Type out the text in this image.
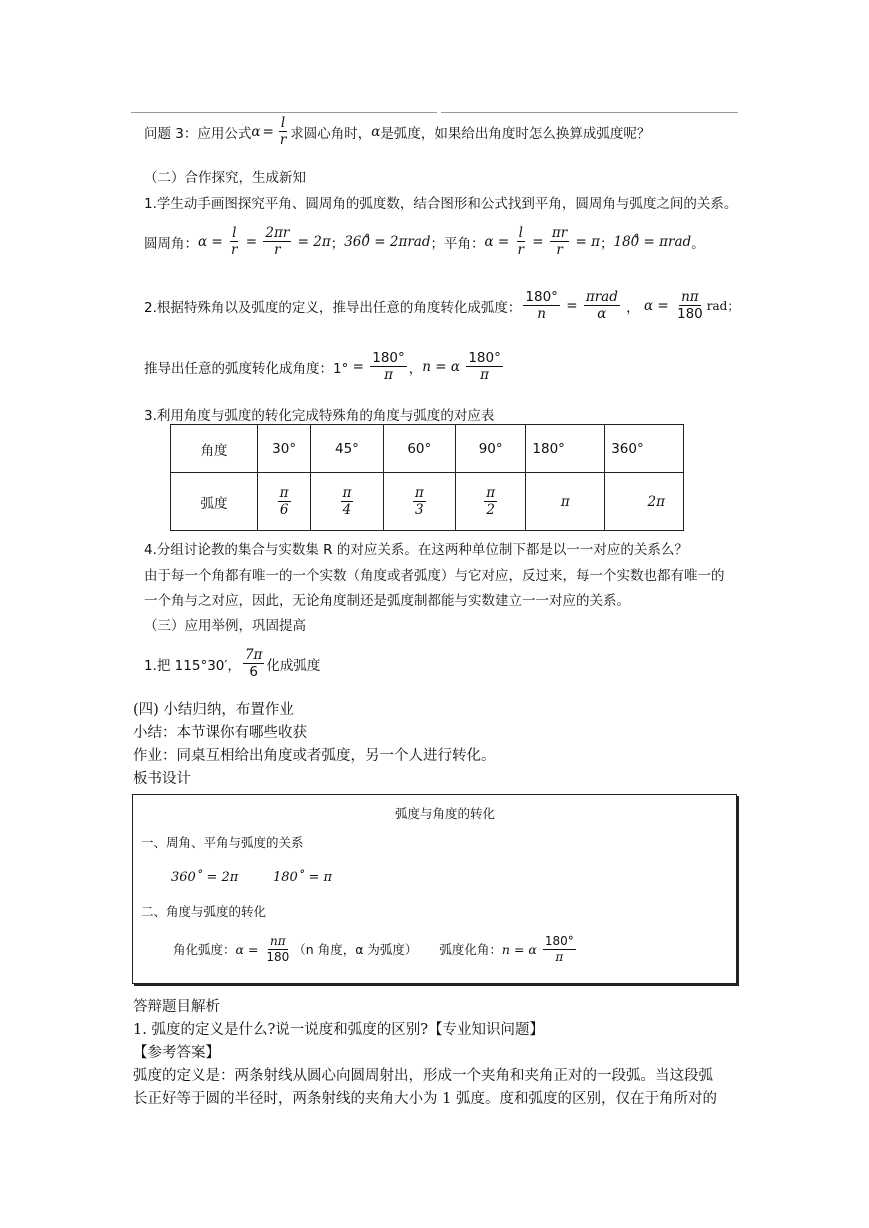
问题 3：应用公式 $\alpha = \frac{l}{r}$ 求圆心角时， α 是弧度，如果给出角度时怎么换算成弧度呢？
（二）合作探究，生成新知
1.学生动手画图探究平角、圆周角的弧度数，结合图形和公式找到平角，圆周角与弧度之间的关系。
圆周角： $\alpha = \frac{l}{r} = \frac{2\pi r}{r} = 2\pi$ ； 360̊ = 2πrad ；平角： $\alpha = \frac{l}{r} = \frac{\pi r}{r} = \pi$ ； 180̊ = πrad 。
2.根据特殊角以及弧度的定义，推导出任意的角度转化成弧度： $\frac{180^\circ}{n} = \frac{\text{πrad}}{\alpha}$ ， $\alpha = \frac{n\pi}{180}$ rad；
推导出任意的弧度转化成角度：1°
=
$\frac{180^\circ}{\pi}$ ， n = α
$\frac{180^\circ}{\pi}$
3.利用角度与弧度的转化完成特殊角的角度与弧度的对应表
角度	30°	45°	60°	90°	180°	360°
弧度	$\frac{\pi}{6}$	$\frac{\pi}{4}$	$\frac{\pi}{3}$	$\frac{\pi}{2}$	π	2π
4.分组讨论教的集合与实数集 R 的对应关系。在这两种单位制下都是以一一对应的关系么？
由于每一个角都有唯一的一个实数（角度或者弧度）与它对应，反过来，每一个实数也都有唯一的
一个角与之对应，因此，无论角度制还是弧度制都能与实数建立一一对应的关系。
（三）应用举例，巩固提高
1.把 115°30′， $\frac{7\pi}{6}$ 化成弧度
(四) 小结归纳，布置作业
小结：本节课你有哪些收获
作业：同桌互相给出角度或者弧度，另一个人进行转化。
板书设计
弧度与角度的转化
一、周角、平角与弧度的关系
360˚ = 2π	180˚ = π
二、角度与弧度的转化
角化弧度： $\alpha = \frac{n\pi}{180} (n$ 角度，α 为弧度） 弧度化角： n = α
$\frac{180^\circ}{\pi}$
答辩题目解析
1. 弧度的定义是什么?说一说度和弧度的区别?【专业知识问题】
【参考答案】
弧度的定义是：两条射线从圆心向圆周射出，形成一个夹角和夹角正对的一段弧。当这段弧
长正好等于圆的半径时，两条射线的夹角大小为 1 弧度。度和弧度的区别，仅在于角所对的
